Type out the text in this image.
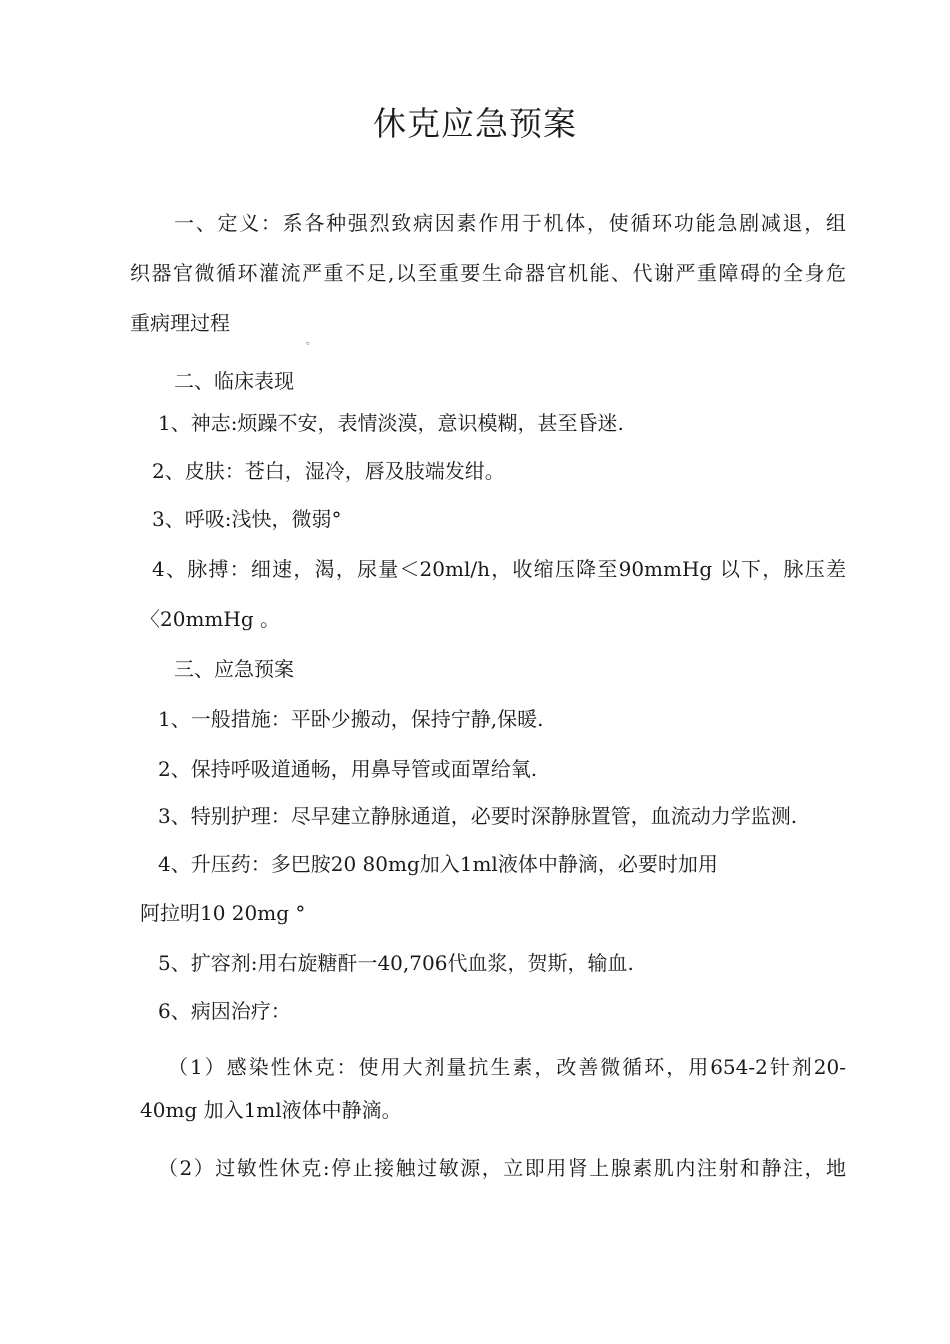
休克应急预案
一、定义：系各种强烈致病因素作用于机体，使循环功能急剧减退，组
织器官微循环灌流严重不足,以至重要生命器官机能、代谢严重障碍的全身危
重病理过程
。
二、临床表现
1、神志:烦躁不安，表情淡漠，意识模糊，甚至昏迷.
2、皮肤：苍白，湿冷，唇及肢端发绀。
3、呼吸:浅快，微弱°
4、脉搏：细速，渴，尿量＜20ml/h，收缩压降至90mmHg 以下，脉压差
〈20mmHg 。
三、应急预案
1、一般措施：平卧少搬动，保持宁静,保暖.
2、保持呼吸道通畅，用鼻导管或面罩给氧.
3、特别护理：尽早建立静脉通道，必要时深静脉置管，血流动力学监测.
4、升压药：多巴胺20 80mg加入1ml液体中静滴，必要时加用
阿拉明10 20mg °
5、扩容剂:用右旋糖酐一40,706代血浆，贺斯，输血.
6、病因治疗：
（1）感染性休克：使用大剂量抗生素，改善微循环，用654-2针剂20-
40mg 加入1ml液体中静滴。
（2）过敏性休克:停止接触过敏源，立即用肾上腺素肌内注射和静注，地
